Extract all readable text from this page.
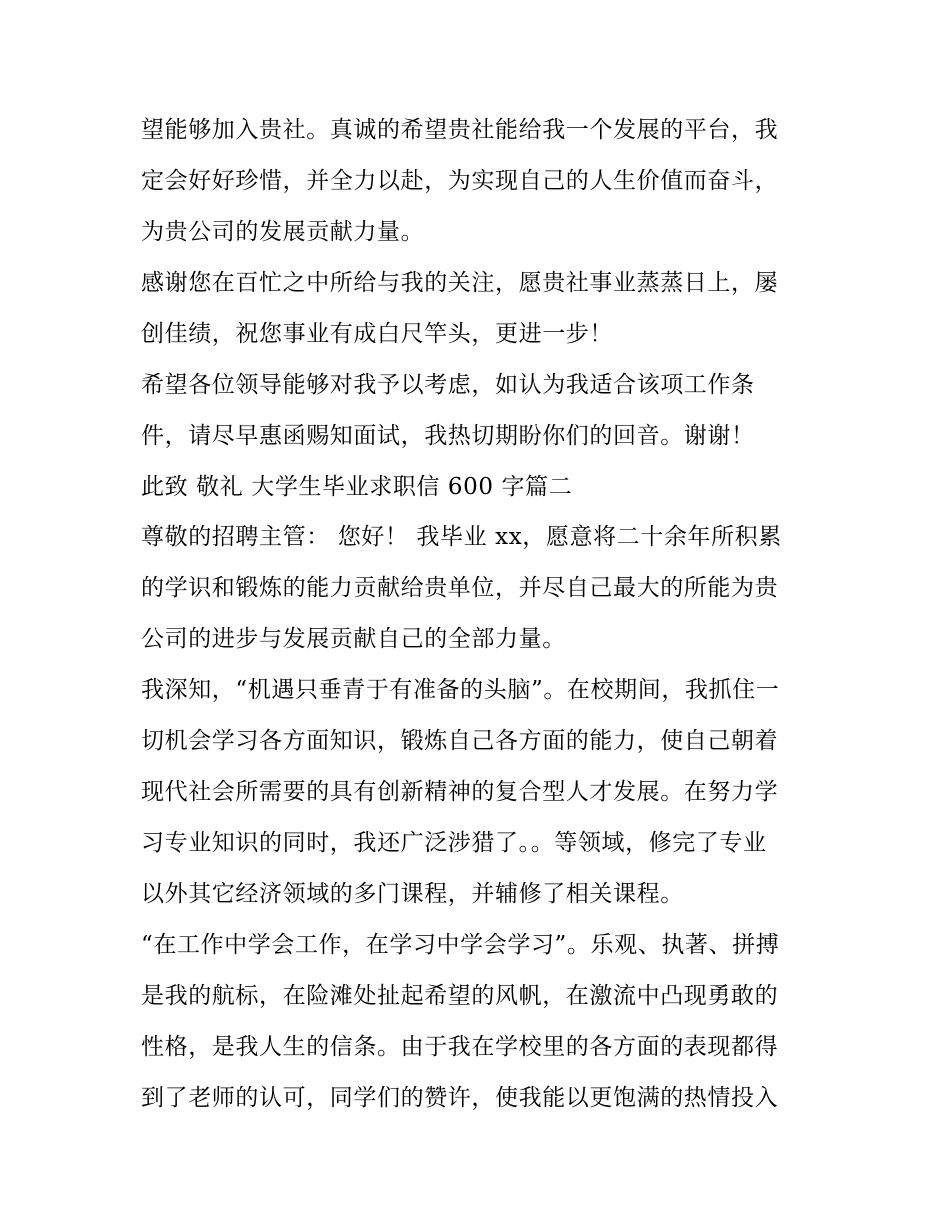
望能够加入贵社。真诚的希望贵社能给我一个发展的平台，我
定会好好珍惜，并全力以赴，为实现自己的人生价值而奋斗，
为贵公司的发展贡献力量。
感谢您在百忙之中所给与我的关注，愿贵社事业蒸蒸日上，屡
创佳绩，祝您事业有成白尺竿头，更进一步！
希望各位领导能够对我予以考虑，如认为我适合该项工作条
件，请尽早惠函赐知面试，我热切期盼你们的回音。谢谢！
此致 敬礼 大学生毕业求职信 600 字篇二
尊敬的招聘主管： 您好！ 我毕业 xx，愿意将二十余年所积累
的学识和锻炼的能力贡献给贵单位，并尽自己最大的所能为贵
公司的进步与发展贡献自己的全部力量。
我深知，“机遇只垂青于有准备的头脑”。在校期间，我抓住一
切机会学习各方面知识，锻炼自己各方面的能力，使自己朝着
现代社会所需要的具有创新精神的复合型人才发展。在努力学
习专业知识的同时，我还广泛涉猎了。。等领域，修完了专业
以外其它经济领域的多门课程，并辅修了相关课程。
“在工作中学会工作，在学习中学会学习”。乐观、执著、拼搏
是我的航标，在险滩处扯起希望的风帆，在激流中凸现勇敢的
性格，是我人生的信条。由于我在学校里的各方面的表现都得
到了老师的认可，同学们的赞许，使我能以更饱满的热情投入
